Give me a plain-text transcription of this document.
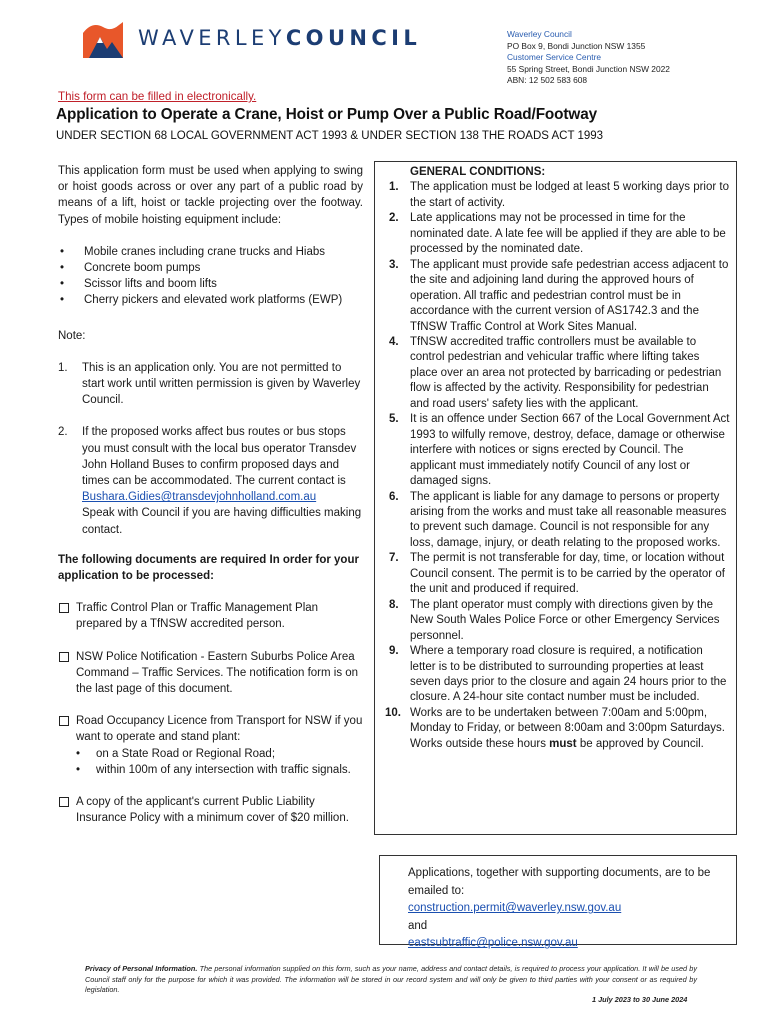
WAVERLEYCOUNCIL	Waverley Council
PO Box 9, Bondi Junction NSW 1355
Customer Service Centre
55 Spring Street, Bondi Junction NSW 2022
ABN: 12 502 583 608
This form can be filled in electronically.
Application to Operate a Crane, Hoist or Pump Over a Public Road/Footway
UNDER SECTION 68 LOCAL GOVERNMENT ACT 1993 & UNDER SECTION 138 THE ROADS ACT 1993

This application form must be used when applying to swing or hoist goods across or over any part of a public road by means of a lift, hoist or tackle projecting over the footway. Types of mobile hoisting equipment include:

• Mobile cranes including crane trucks and Hiabs
• Concrete boom pumps
• Scissor lifts and boom lifts
• Cherry pickers and elevated work platforms (EWP)
Note:
1. This is an application only. You are not permitted to start work until written permission is given by Waverley Council.
2. If the proposed works affect bus routes or bus stops you must consult with the local bus operator Transdev John Holland Buses to confirm proposed days and times can be accommodated. The current contact is
Bushara.Gidies@transdevjohnholland.com.au
Speak with Council if you are having difficulties making contact.
The following documents are required In order for your application to be processed:
Traffic Control Plan or Traffic Management Plan prepared by a TfNSW accredited person.
NSW Police Notification - Eastern Suburbs Police Area Command – Traffic Services. The notification form is on the last page of this document.
Road Occupancy Licence from Transport for NSW if you want to operate and stand plant:
• on a State Road or Regional Road;
• within 100m of any intersection with traffic signals.
A copy of the applicant's current Public Liability Insurance Policy with a minimum cover of $20 million.
GENERAL CONDITIONS:
1. The application must be lodged at least 5 working days prior to the start of activity.
2. Late applications may not be processed in time for the nominated date. A late fee will be applied if they are able to be processed by the nominated date.
3. The applicant must provide safe pedestrian access adjacent to the site and adjoining land during the approved hours of operation. All traffic and pedestrian control must be in accordance with the current version of AS1742.3 and the TfNSW Traffic Control at Work Sites Manual.
4. TfNSW accredited traffic controllers must be available to control pedestrian and vehicular traffic where lifting takes place over an area not protected by barricading or pedestrian flow is affected by the activity. Responsibility for pedestrian and road users' safety lies with the applicant.
5. It is an offence under Section 667 of the Local Government Act 1993 to wilfully remove, destroy, deface, damage or otherwise interfere with notices or signs erected by Council. The applicant must immediately notify Council of any lost or damaged signs.
6. The applicant is liable for any damage to persons or property arising from the works and must take all reasonable measures to prevent such damage. Council is not responsible for any loss, damage, injury, or death relating to the proposed works.
7. The permit is not transferable for day, time, or location without Council consent. The permit is to be carried by the operator of the unit and produced if required.
8. The plant operator must comply with directions given by the New South Wales Police Force or other Emergency Services personnel.
9. Where a temporary road closure is required, a notification letter is to be distributed to surrounding properties at least seven days prior to the closure and again 24 hours prior to the closure. A 24-hour site contact number must be included.
10. Works are to be undertaken between 7:00am and 5:00pm, Monday to Friday, or between 8:00am and 3:00pm Saturdays. Works outside these hours must be approved by Council.
Applications, together with supporting documents, are to be emailed to:
construction.permit@waverley.nsw.gov.au
and
eastsubtraffic@police.nsw.gov.au
Privacy of Personal Information. The personal information supplied on this form, such as your name, address and contact details, is required to process your application. It will be used by Council staff only for the purpose for which it was provided. The information will be stored in our record system and will only be given to third parties with your consent or as required by legislation.
1 July 2023 to 30 June 2024
